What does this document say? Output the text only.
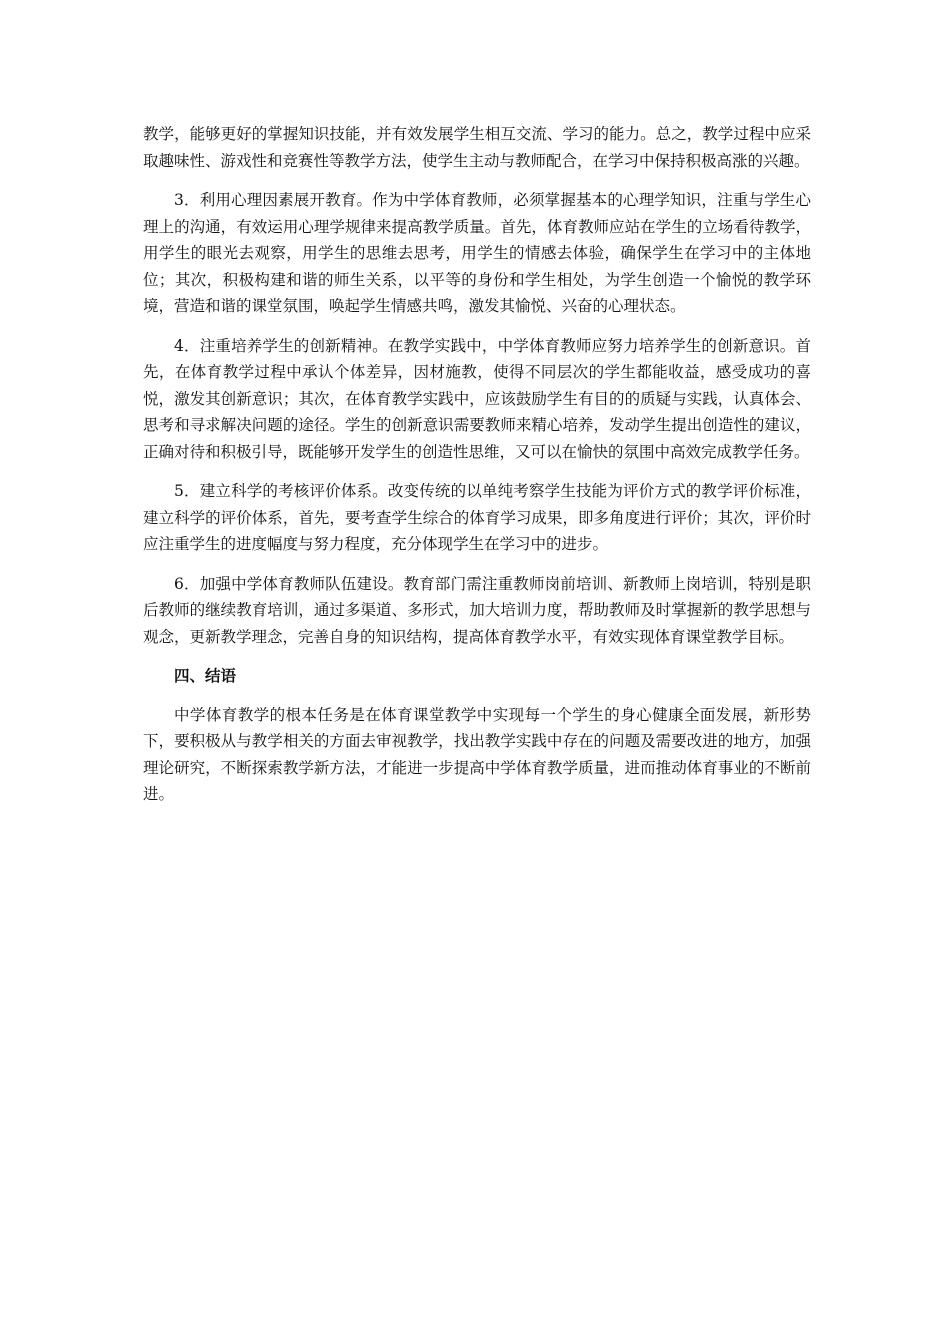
教学，能够更好的掌握知识技能，并有效发展学生相互交流、学习的能力。总之，教学过程中应采取趣味性、游戏性和竞赛性等教学方法，使学生主动与教师配合，在学习中保持积极高涨的兴趣。

3．利用心理因素展开教育。作为中学体育教师，必须掌握基本的心理学知识，注重与学生心理上的沟通，有效运用心理学规律来提高教学质量。首先，体育教师应站在学生的立场看待教学，用学生的眼光去观察，用学生的思维去思考，用学生的情感去体验，确保学生在学习中的主体地位；其次，积极构建和谐的师生关系，以平等的身份和学生相处，为学生创造一个愉悦的教学环境，营造和谐的课堂氛围，唤起学生情感共鸣，激发其愉悦、兴奋的心理状态。

4．注重培养学生的创新精神。在教学实践中，中学体育教师应努力培养学生的创新意识。首先，在体育教学过程中承认个体差异，因材施教，使得不同层次的学生都能收益，感受成功的喜悦，激发其创新意识；其次，在体育教学实践中，应该鼓励学生有目的的质疑与实践，认真体会、思考和寻求解决问题的途径。学生的创新意识需要教师来精心培养，发动学生提出创造性的建议，正确对待和积极引导，既能够开发学生的创造性思维，又可以在愉快的氛围中高效完成教学任务。

5．建立科学的考核评价体系。改变传统的以单纯考察学生技能为评价方式的教学评价标准，建立科学的评价体系，首先，要考查学生综合的体育学习成果，即多角度进行评价；其次，评价时应注重学生的进度幅度与努力程度，充分体现学生在学习中的进步。

6．加强中学体育教师队伍建设。教育部门需注重教师岗前培训、新教师上岗培训，特别是职后教师的继续教育培训，通过多渠道、多形式，加大培训力度，帮助教师及时掌握新的教学思想与观念，更新教学理念，完善自身的知识结构，提高体育教学水平，有效实现体育课堂教学目标。

四、结语

中学体育教学的根本任务是在体育课堂教学中实现每一个学生的身心健康全面发展，新形势下，要积极从与教学相关的方面去审视教学，找出教学实践中存在的问题及需要改进的地方，加强理论研究，不断探索教学新方法，才能进一步提高中学体育教学质量，进而推动体育事业的不断前进。
